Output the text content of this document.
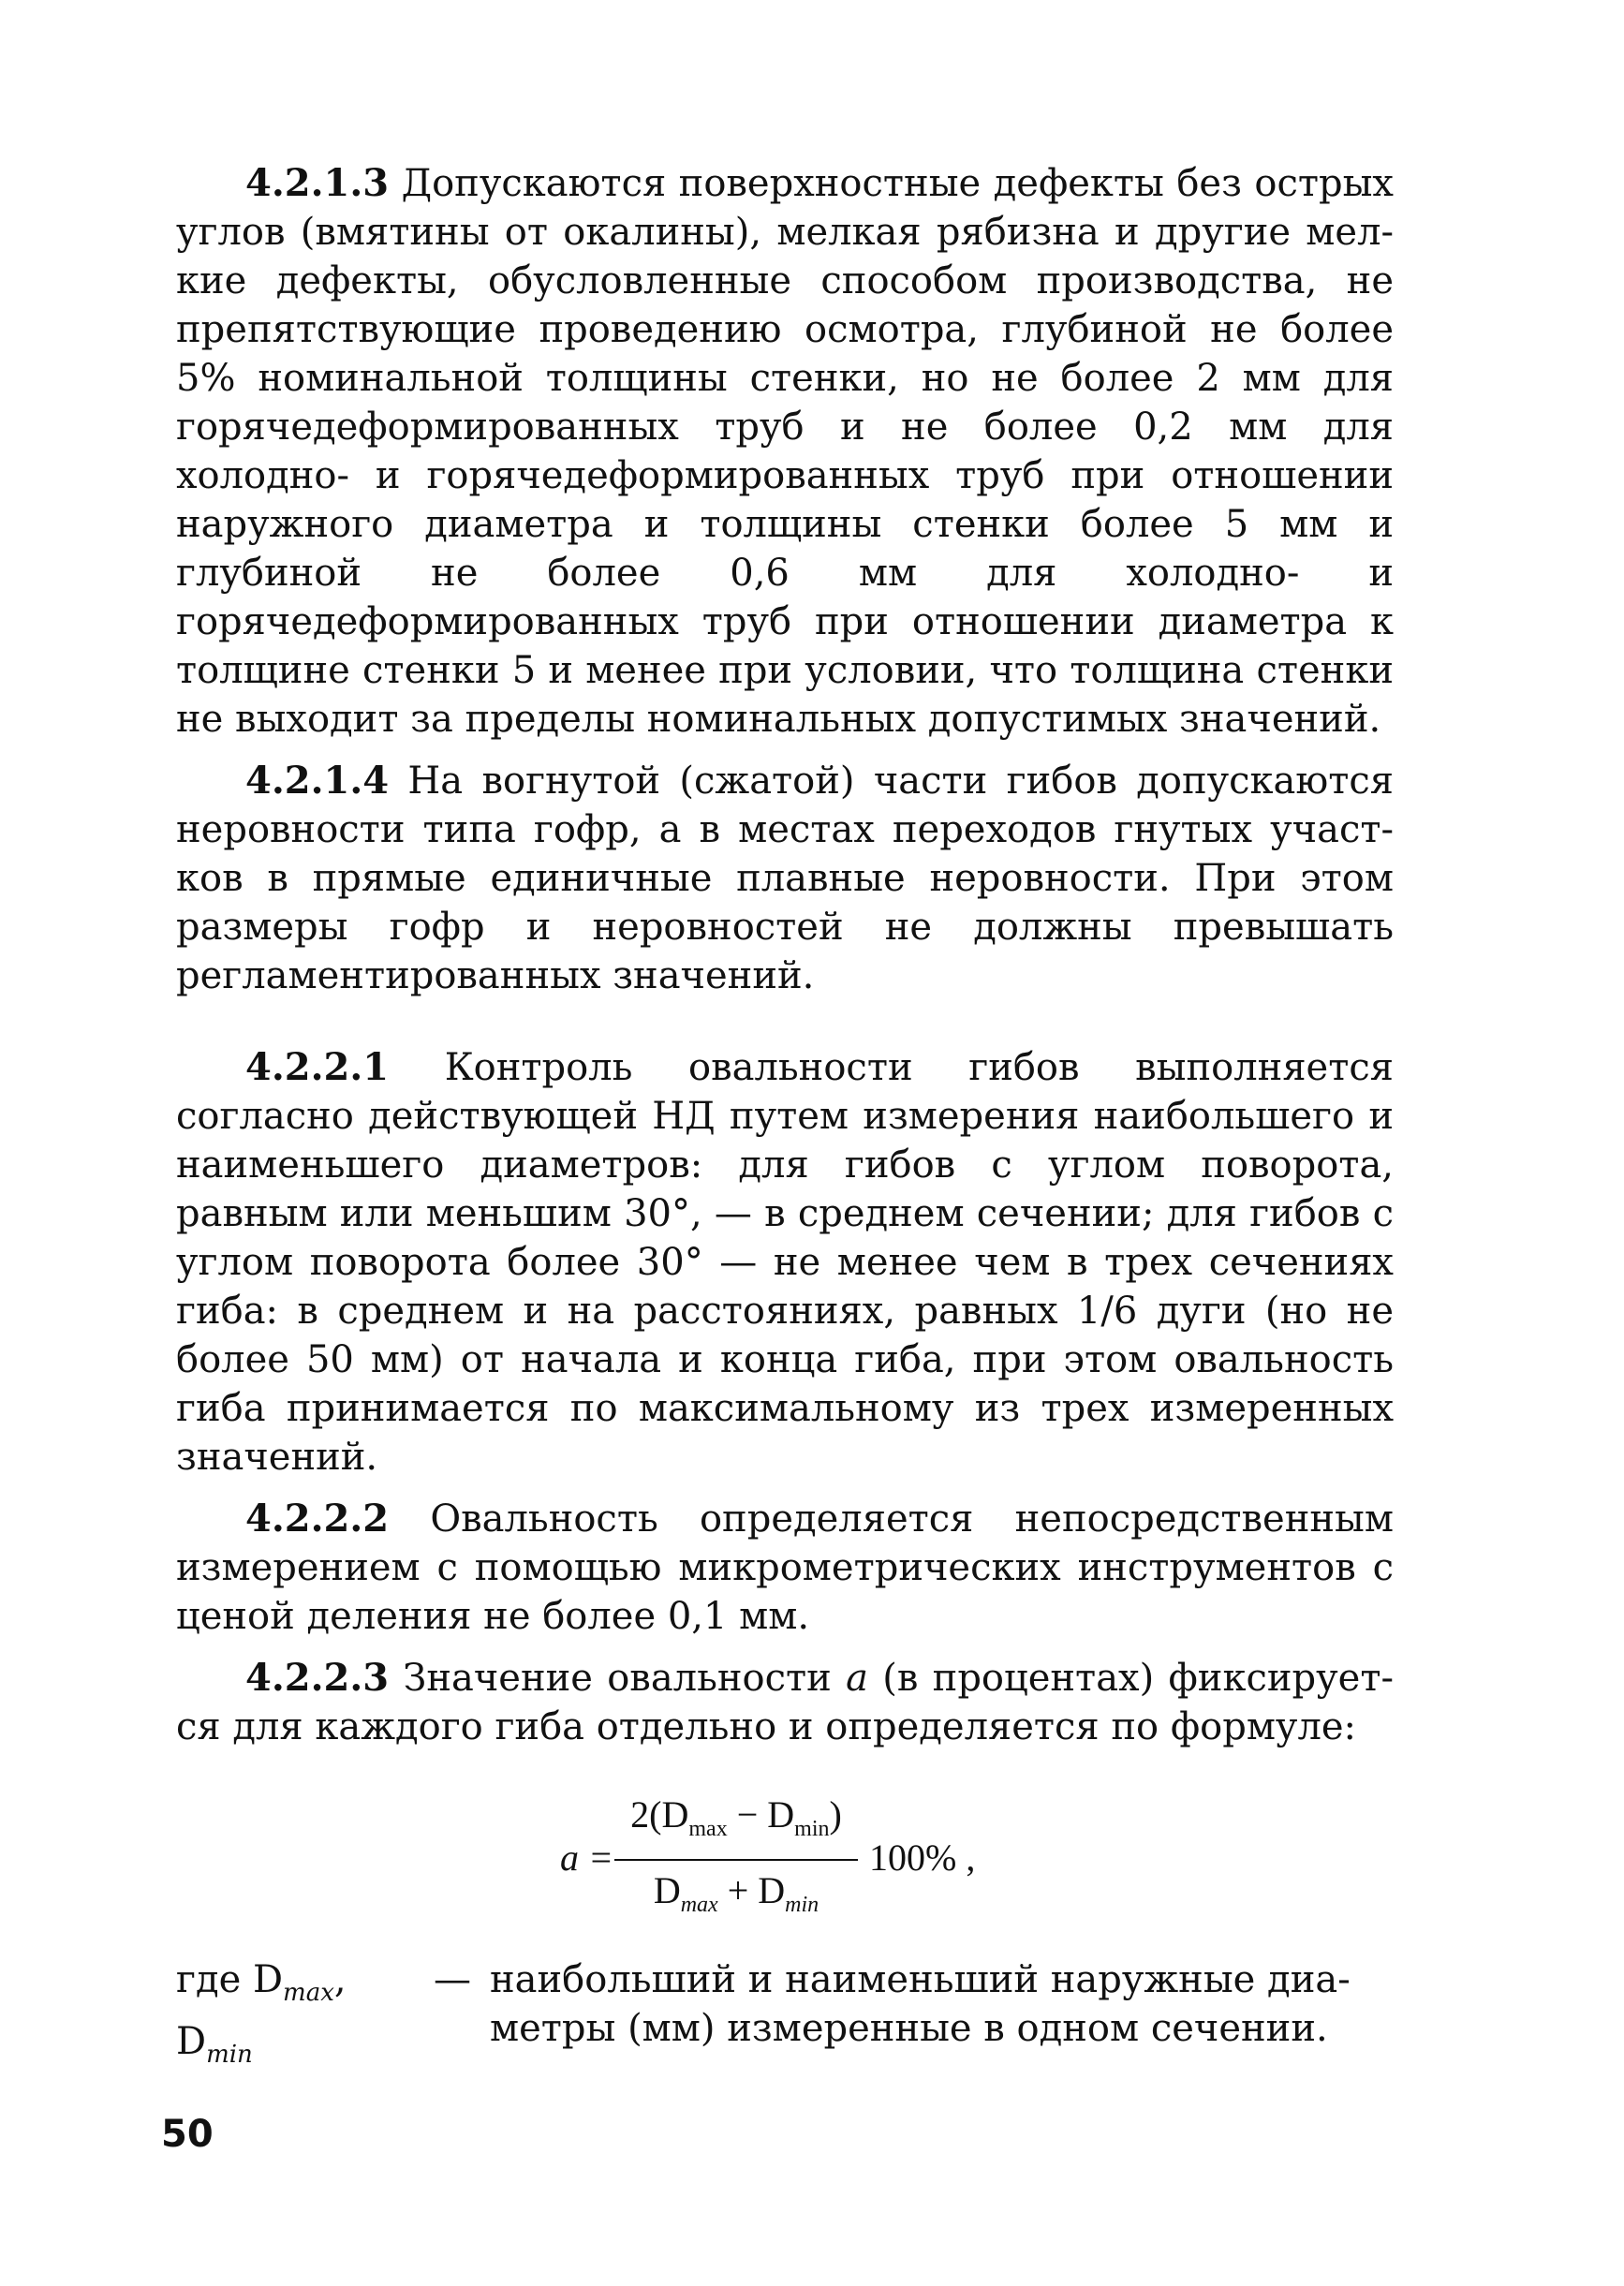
4.2.1.3 Допускаются поверхностные дефекты без острых углов (вмятины от окалины), мелкая рябизна и другие мелкие дефекты, обусловленные способом производства, не препятствующие проведению осмотра, глубиной не более 5% номинальной толщины стенки, но не более 2 мм для горячедеформированных труб и не более 0,2 мм для холодно- и горячедеформированных труб при отношении наружного диаметра и толщины стенки более 5 мм и глубиной не более 0,6 мм для холодно- и горячедеформированных труб при отношении диаметра к толщине стенки 5 и менее при условии, что толщина стенки не выходит за пределы номинальных допустимых значений.

4.2.1.4 На вогнутой (сжатой) части гибов допускаются неровности типа гофр, а в местах переходов гнутых участков в прямые единичные плавные неровности. При этом размеры гофр и неровностей не должны превышать регламентированных значений.

4.2.2.1 Контроль овальности гибов выполняется согласно действующей НД путем измерения наибольшего и наименьшего диаметров: для гибов с углом поворота, равным или меньшим 30°, — в среднем сечении; для гибов с углом поворота более 30° — не менее чем в трех сечениях гиба: в среднем и на расстояниях, равных 1/6 дуги (но не более 50 мм) от начала и конца гиба, при этом овальность гиба принимается по максимальному из трех измеренных значений.

4.2.2.2 Овальность определяется непосредственным измерением с помощью микрометрических инструментов с ценой деления не более 0,1 мм.

4.2.2.3 Значение овальности a (в процентах) фиксируется для каждого гиба отдельно и определяется по формуле:

a =
$2(D_{max} - D_{min})$
$D_{max} + D_{min}$
100% ,
где $D_{max}$, $D_{min}$
— наибольший и наименьший наружные диаметры (мм) измеренные в одном сечении.
50
